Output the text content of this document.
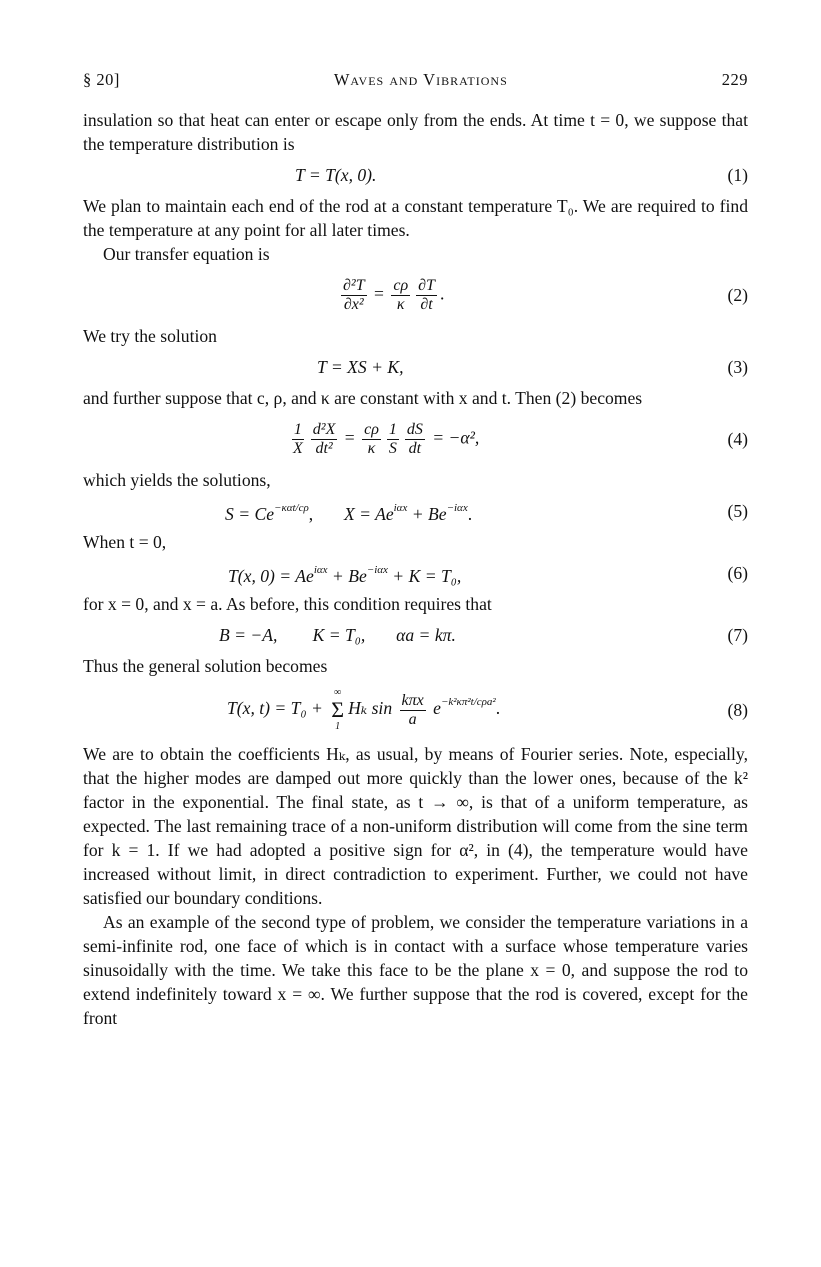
§ 20]	Waves and Vibrations	229

insulation so that heat can enter or escape only from the ends. At time t = 0, we suppose that the temperature distribution is

T = T(x, 0).	(1)

We plan to maintain each end of the rod at a constant temperature T₀. We are required to find the temperature at any point for all later times.

Our transfer equation is

$\frac{\text{∂²T}}{\text{∂x²}} = \frac{c\rho}{\kappa} \frac{\partial T}{\partial t}$ .	(2)

We try the solution

T = XS + K,	(3)

and further suppose that c, ρ, and κ are constant with x and t. Then (2) becomes

$\frac{1}{X} \frac{\text{d²X}}{\text{dt²}} = \frac{c\rho}{\kappa} \frac{1}{S} \frac{dS}{dt} = -\alpha^2$,	(4)

which yields the solutions,

$S = Ce^{-\kappa\alpha t/c\rho}$,       $X = Ae^{i\alpha x} + Be^{-i\alpha x}$.	(5)

When t = 0,

T(x, $0) = Ae^{i\alpha x} + Be^{-i\alpha x} + K = T_0$,	(6)

for x = 0, and x = a. As before, this condition requires that

B = −A,        K = T₀,       αa = kπ.	(7)

Thus the general solution becomes

T(x, t) = T₀ +
∞
Σ
1
Hₖ $\sin \frac{\text{kπx}}{a} e^{-k^2\kappa\pi^2t/c\rho a^2}$.	(8)

We are to obtain the coefficients Hₖ, as usual, by means of Fourier series. Note, especially, that the higher modes are damped out more quickly than the lower ones, because of the k² factor in the exponential. The final state, as t → ∞, is that of a uniform temperature, as expected. The last remaining trace of a non-uniform distribution will come from the sine term for k = 1. If we had adopted a positive sign for α², in (4), the temperature would have increased without limit, in direct contradiction to experiment. Further, we could not have satisfied our boundary conditions.

As an example of the second type of problem, we consider the temperature variations in a semi-infinite rod, one face of which is in contact with a surface whose temperature varies sinusoidally with the time. We take this face to be the plane x = 0, and suppose the rod to extend indefinitely toward x = ∞. We further suppose that the rod is covered, except for the front
